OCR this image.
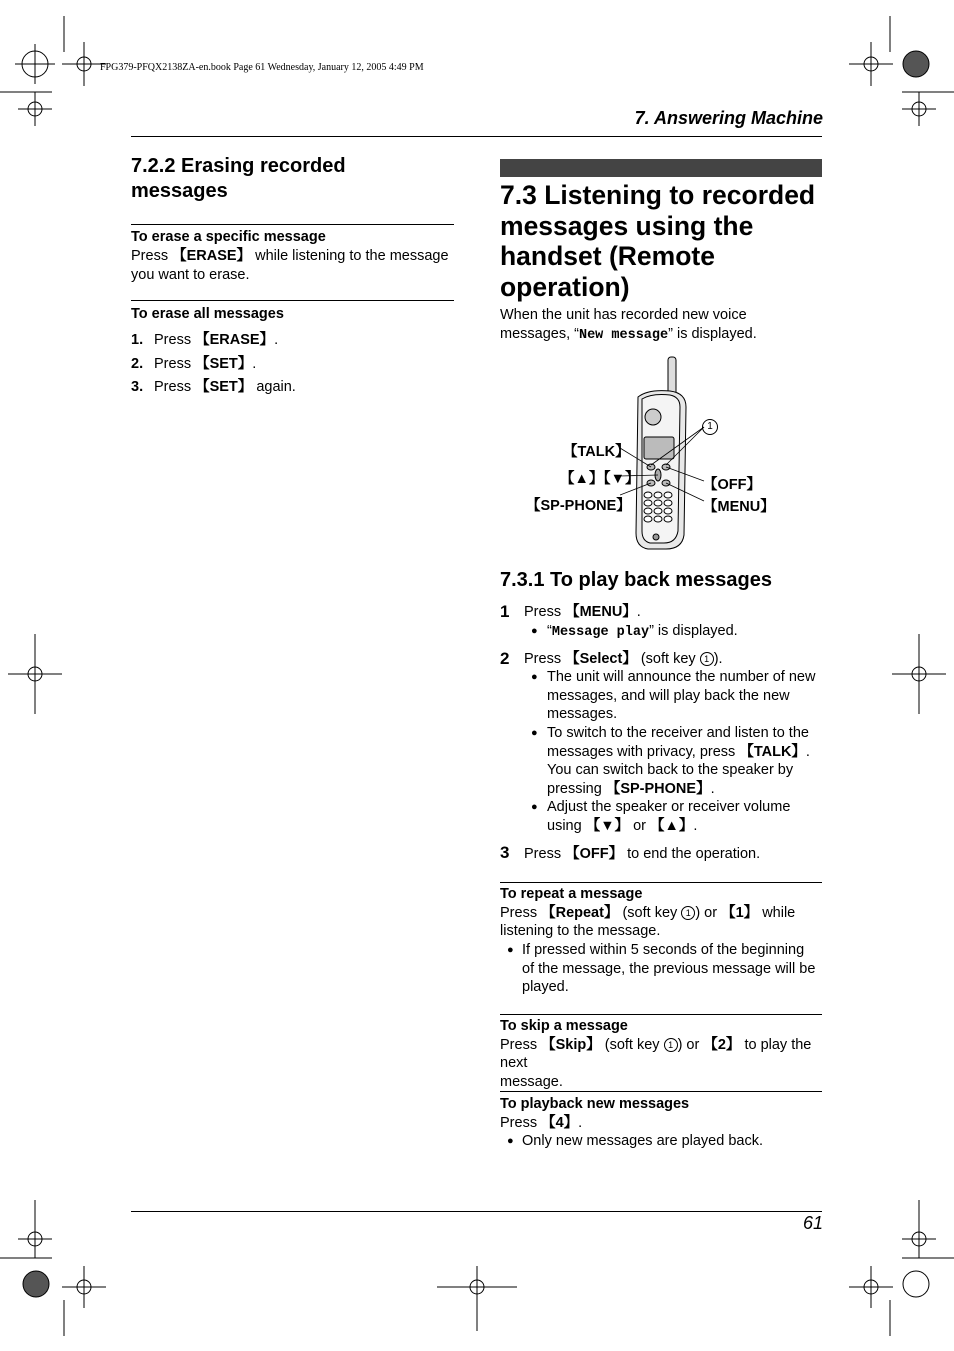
FPG379-PFQX2138ZA-en.book Page 61 Wednesday, January 12, 2005 4:49 PM
7. Answering Machine
7.2.2 Erasing recorded
messages
To erase a specific message
Press 【ERASE】 while listening to the message
you want to erase.
To erase all messages
1. Press 【ERASE】.
2. Press 【SET】.
3. Press 【SET】 again.
7.3 Listening to recorded
messages using the
handset (Remote
operation)
When the unit has recorded new voice
messages, “New message” is displayed.
1
【TALK】
【▲】【▼】
【SP-PHONE】
【OFF】
【MENU】
7.3.1 To play back messages
1 Press 【MENU】.
● “Message play” is displayed.
2 Press 【Select】 (soft key 1 ).
● The unit will announce the number of new
messages, and will play back the new
messages.
● To switch to the receiver and listen to the
messages with privacy, press 【TALK】.
You can switch back to the speaker by
pressing 【SP-PHONE】.
● Adjust the speaker or receiver volume
using 【▼】 or 【▲】.
3 Press 【OFF】 to end the operation.
To repeat a message
Press 【Repeat】 (soft key 1 ) or 【1】 while
listening to the message.
● If pressed within 5 seconds of the beginning
of the message, the previous message will be
played.
To skip a message
Press 【Skip】 (soft key 1 ) or 【2】 to play the next
message.
To playback new messages
Press 【4】.
● Only new messages are played back.
61
